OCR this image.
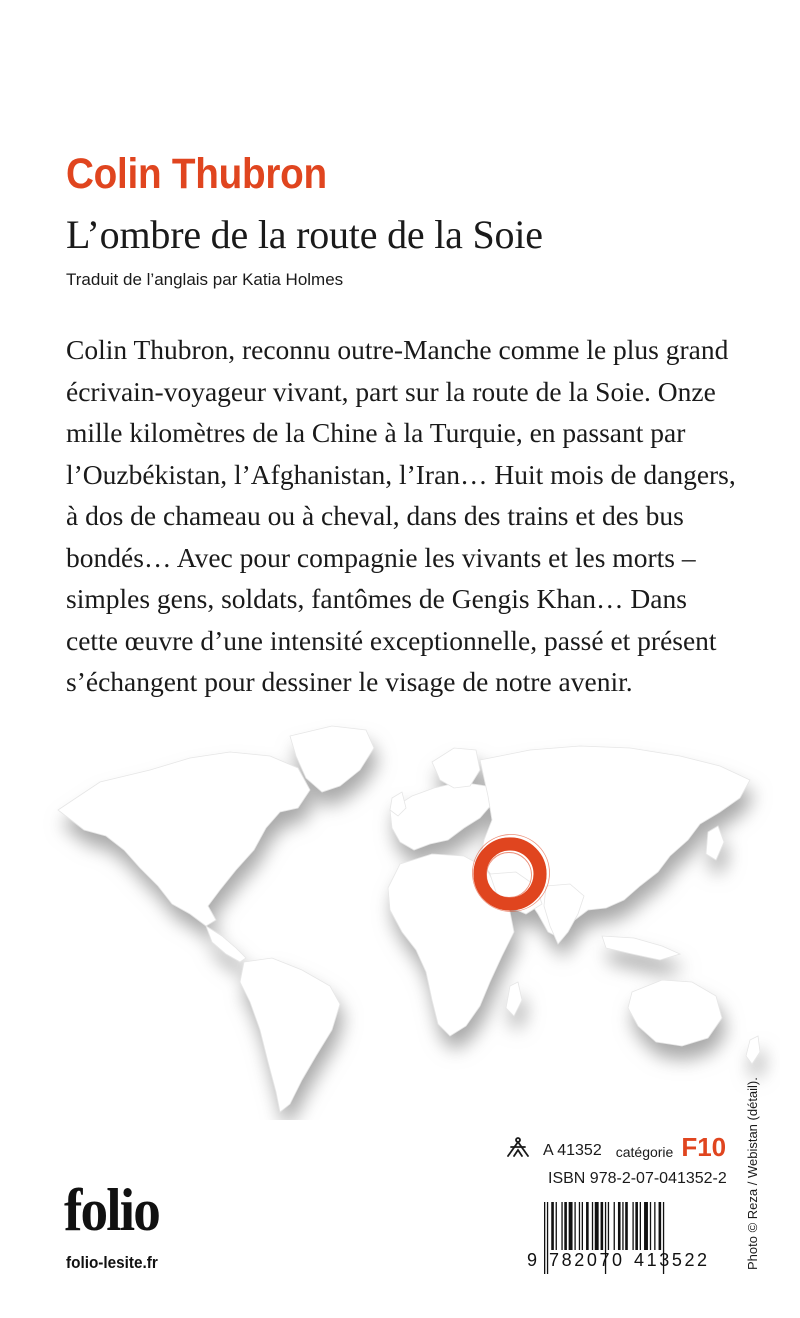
Colin Thubron
L’ombre de la route de la Soie
Traduit de l’anglais par Katia Holmes
Colin Thubron, reconnu outre-Manche comme le plus grand
écrivain-voyageur vivant, part sur la route de la Soie. Onze
mille kilomètres de la Chine à la Turquie, en passant par
l’Ouzbékistan, l’Afghanistan, l’Iran… Huit mois de dangers,
à dos de chameau ou à cheval, dans des trains et des bus
bondés… Avec pour compagnie les vivants et les morts –
simples gens, soldats, fantômes de Gengis Khan… Dans
cette œuvre d’une intensité exceptionnelle, passé et présent
s’échangent pour dessiner le visage de notre avenir.
Photo © Reza / Webistan (détail).
A 41352 catégorie F10
ISBN 978-2-07-041352-2
folio
folio-lesite.fr	9 782070 413522
